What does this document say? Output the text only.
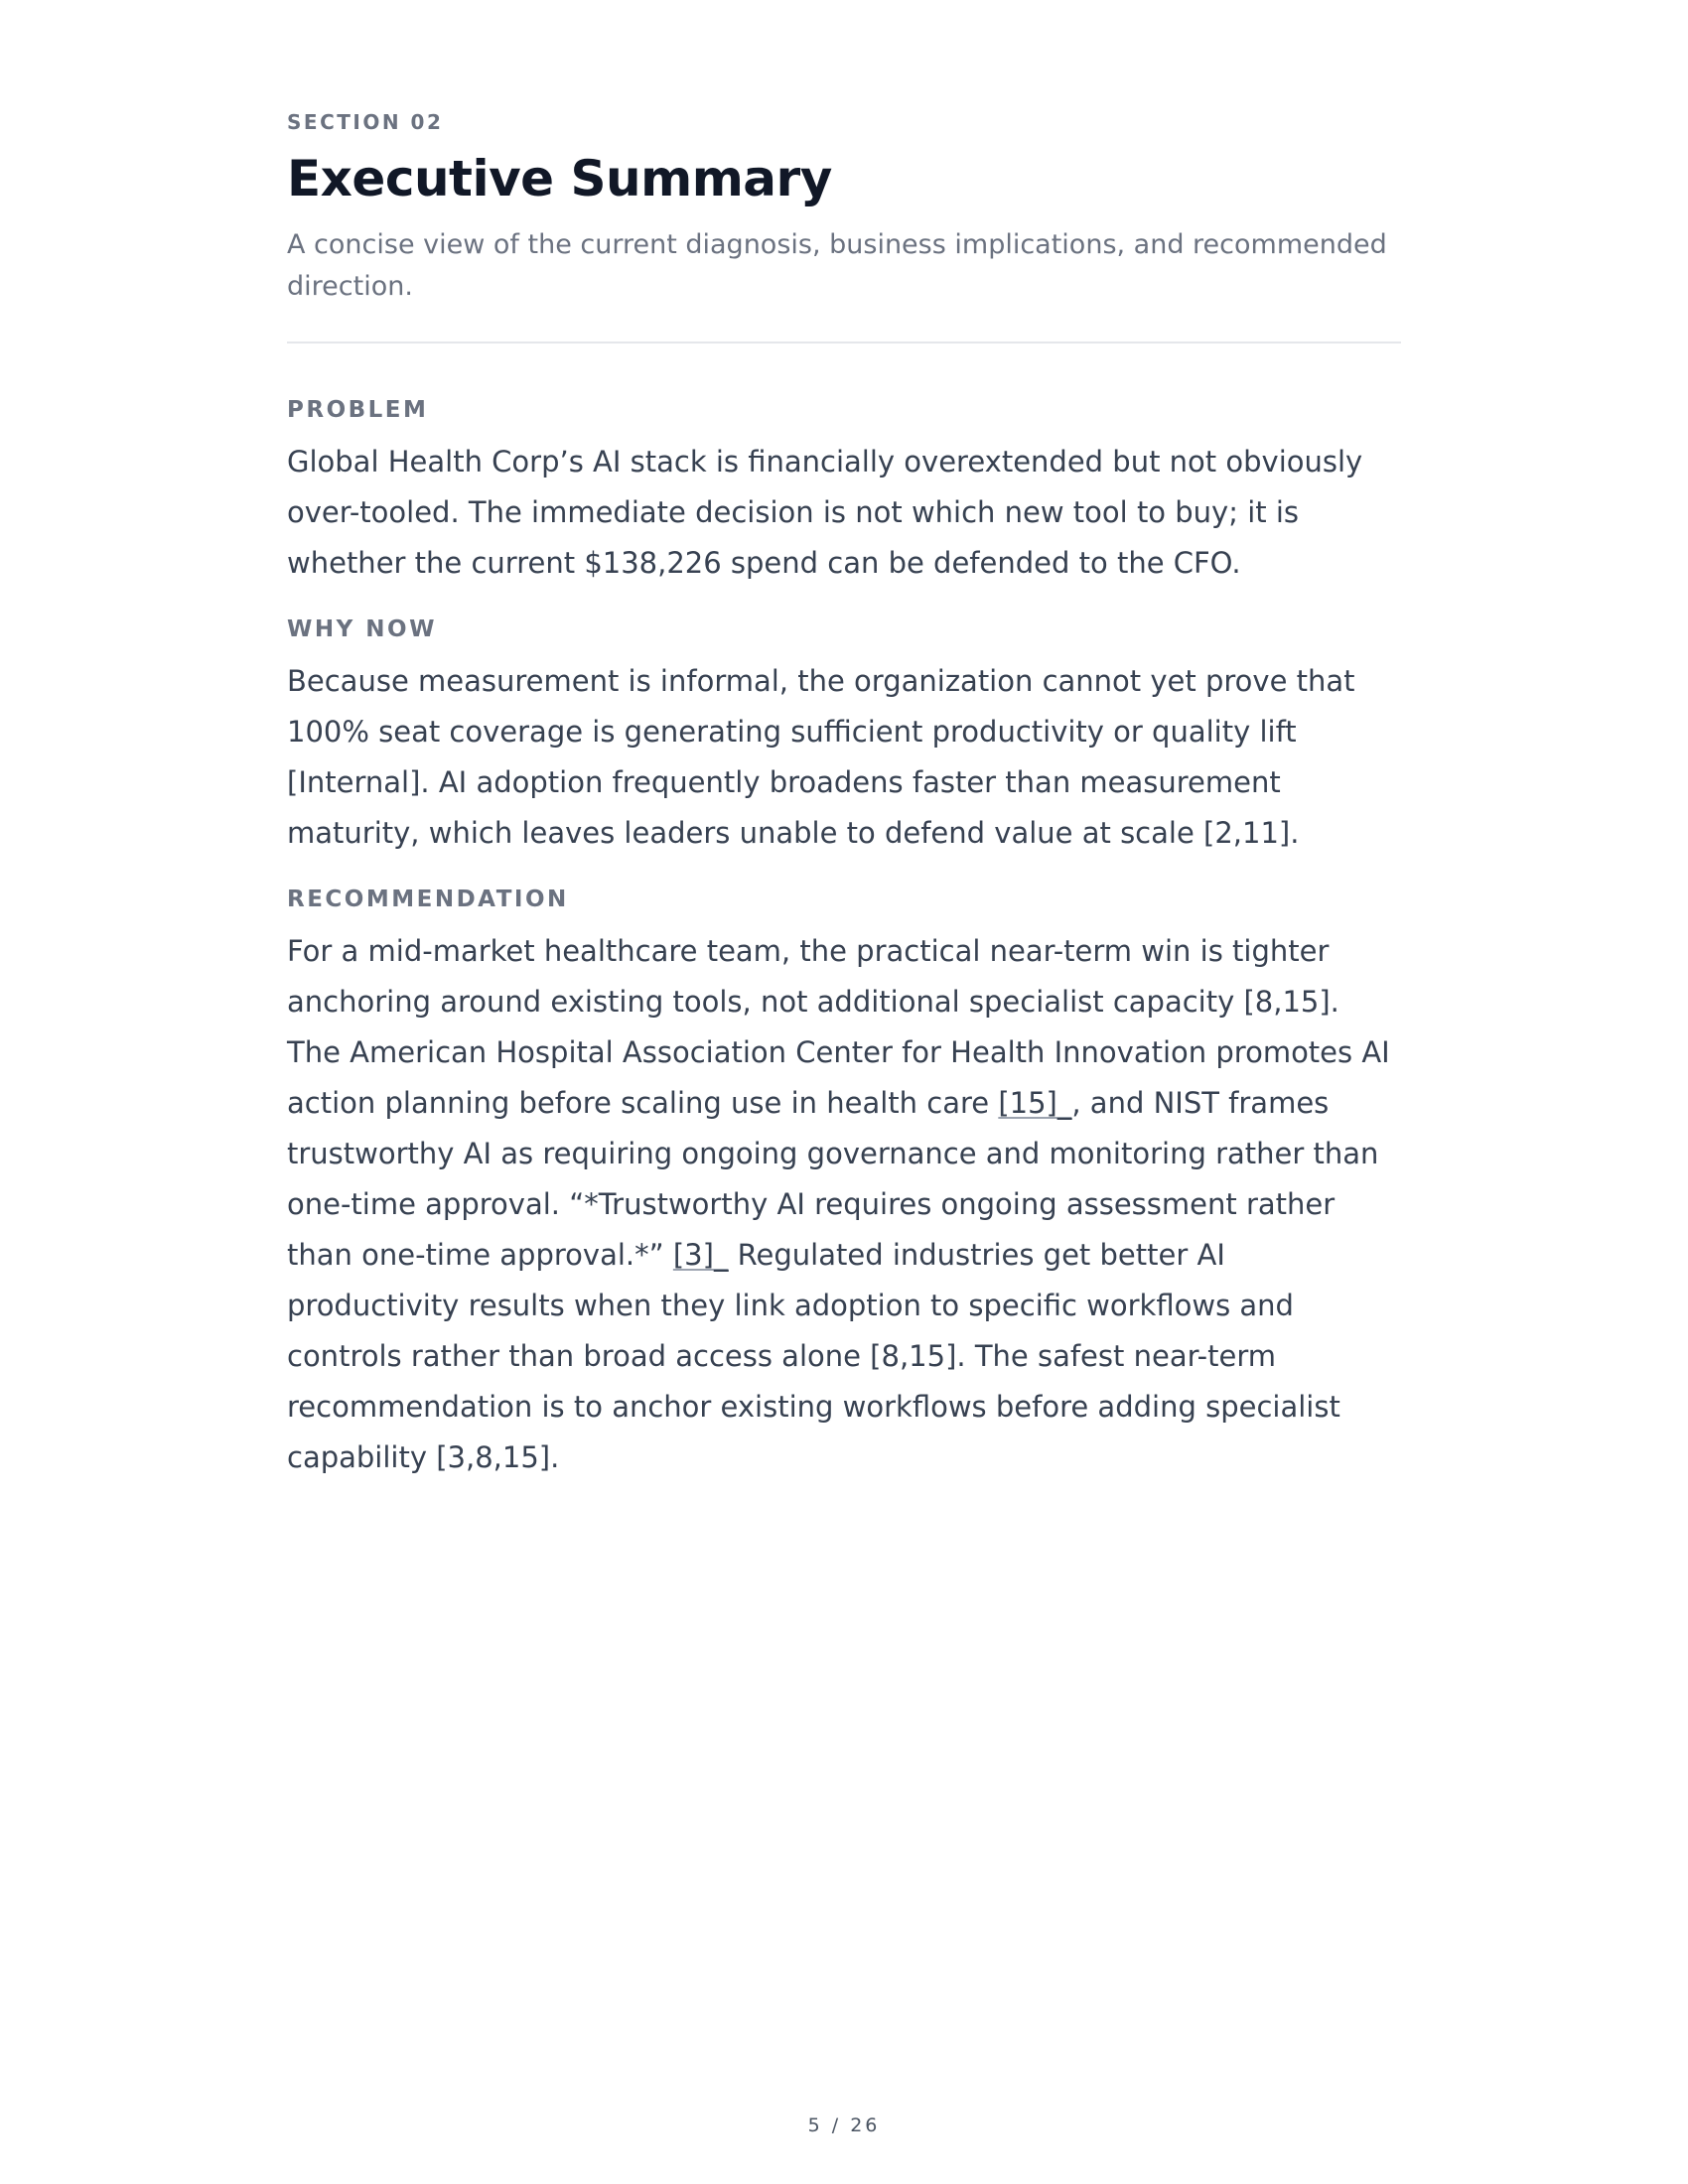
SECTION 02
Executive Summary
A concise view of the current diagnosis, business implications, and recommended direction.
PROBLEM

Global Health Corp’s AI stack is financially overextended but not obviously over-tooled. The immediate decision is not which new tool to buy; it is whether the current $138,226 spend can be defended to the CFO.

WHY NOW

Because measurement is informal, the organization cannot yet prove that 100% seat coverage is generating sufficient productivity or quality lift [Internal]. AI adoption frequently broadens faster than measurement maturity, which leaves leaders unable to defend value at scale [2,11].

RECOMMENDATION

For a mid-market healthcare team, the practical near-term win is tighter anchoring around existing tools, not additional specialist capacity [8,15]. The American Hospital Association Center for Health Innovation promotes AI action planning before scaling use in health care [15]_, and NIST frames trustworthy AI as requiring ongoing governance and monitoring rather than one-time approval. “*Trustworthy AI requires ongoing assessment rather than one-time approval.*” [3]_ Regulated industries get better AI productivity results when they link adoption to specific workflows and controls rather than broad access alone [8,15]. The safest near-term recommendation is to anchor existing workflows before adding specialist capability [3,8,15].

5 / 26
